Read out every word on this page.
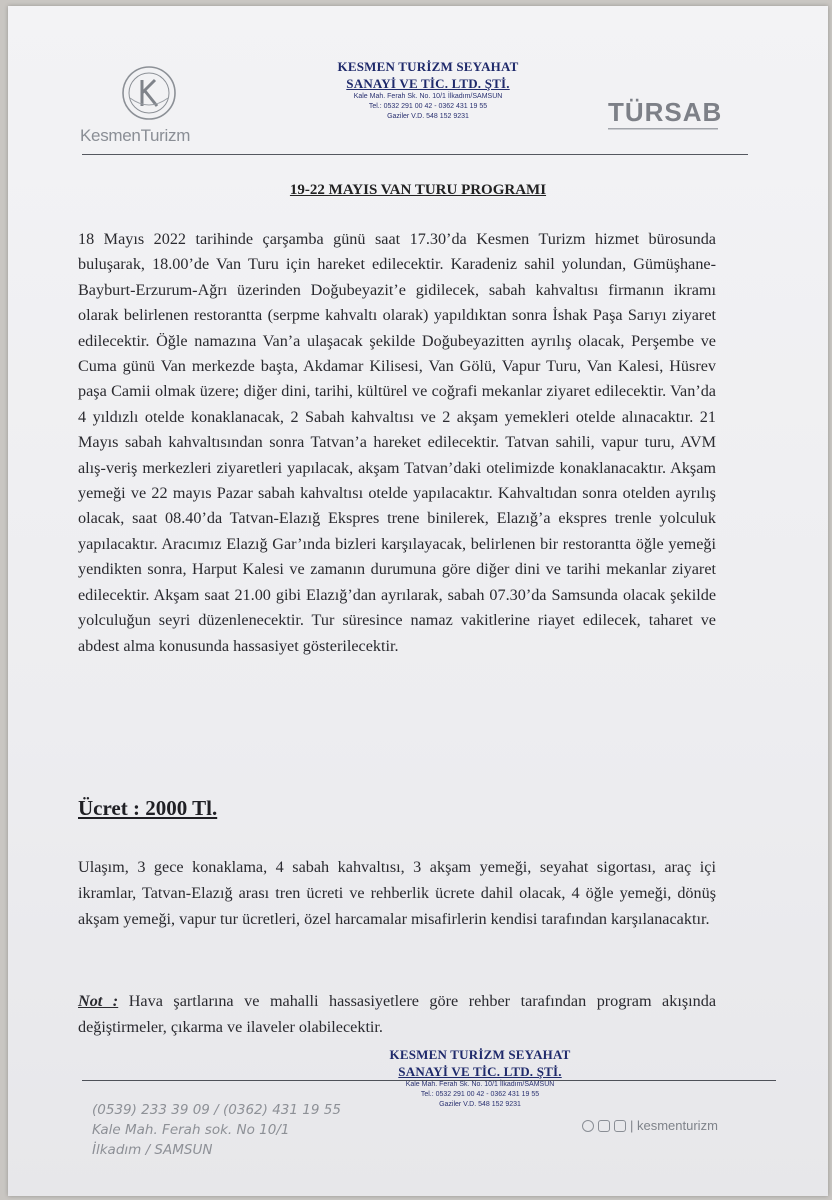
KesmenTurizm
KESMEN TURİZM SEYAHAT
SANAYİ VE TİC. LTD. ŞTİ.
Kale Mah. Ferah Sk. No. 10/1 İlkadım/SAMSUN
Tel.: 0532 291 00 42 - 0362 431 19 55
Gaziler V.D. 548 152 9231	TÜRSAB
19-22 MAYIS VAN TURU PROGRAMI
18 Mayıs 2022 tarihinde çarşamba günü saat 17.30’da Kesmen Turizm hizmet bürosunda buluşarak, 18.00’de Van Turu için hareket edilecektir. Karadeniz sahil yolundan, Gümüşhane-Bayburt-Erzurum-Ağrı üzerinden Doğubeyazit’e gidilecek, sabah kahvaltısı firmanın ikramı olarak belirlenen restorantta (serpme kahvaltı olarak) yapıldıktan sonra İshak Paşa Sarıyı ziyaret edilecektir. Öğle namazına Van’a ulaşacak şekilde Doğubeyazitten ayrılış olacak, Perşembe ve Cuma günü Van merkezde başta, Akdamar Kilisesi, Van Gölü, Vapur Turu, Van Kalesi, Hüsrev paşa Camii olmak üzere; diğer dini, tarihi, kültürel ve coğrafi mekanlar ziyaret edilecektir. Van’da 4 yıldızlı otelde konaklanacak, 2 Sabah kahvaltısı ve 2 akşam yemekleri otelde alınacaktır. 21 Mayıs sabah kahvaltısından sonra Tatvan’a hareket edilecektir. Tatvan sahili, vapur turu, AVM alış-veriş merkezleri ziyaretleri yapılacak, akşam Tatvan’daki otelimizde konaklanacaktır. Akşam yemeği ve 22 mayıs Pazar sabah kahvaltısı otelde yapılacaktır. Kahvaltıdan sonra otelden ayrılış olacak, saat 08.40’da Tatvan-Elazığ Ekspres trene binilerek, Elazığ’a ekspres trenle yolculuk yapılacaktır. Aracımız Elazığ Gar’ında bizleri karşılayacak, belirlenen bir restorantta öğle yemeği yendikten sonra, Harput Kalesi ve zamanın durumuna göre diğer dini ve tarihi mekanlar ziyaret edilecektir. Akşam saat 21.00 gibi Elazığ’dan ayrılarak, sabah 07.30’da Samsunda olacak şekilde yolculuğun seyri düzenlenecektir. Tur süresince namaz vakitlerine riayet edilecek, taharet ve abdest alma konusunda hassasiyet gösterilecektir.
Ücret : 2000 Tl.
Ulaşım, 3 gece konaklama, 4 sabah kahvaltısı, 3 akşam yemeği, seyahat sigortası, araç içi ikramlar, Tatvan-Elazığ arası tren ücreti ve rehberlik ücrete dahil olacak, 4 öğle yemeği, dönüş akşam yemeği, vapur tur ücretleri, özel harcamalar misafirlerin kendisi tarafından karşılanacaktır.
Not : Hava şartlarına ve mahalli hassasiyetlere göre rehber tarafından program akışında değiştirmeler, çıkarma ve ilaveler olabilecektir.
KESMEN TURİZM SEYAHAT
SANAYİ VE TİC. LTD. ŞTİ.
Kale Mah. Ferah Sk. No. 10/1 İlkadım/SAMSUN
Tel.: 0532 291 00 42 - 0362 431 19 55
Gaziler V.D. 548 152 9231
(0539) 233 39 09 / (0362) 431 19 55
Kale Mah. Ferah sok. No 10/1
İlkadım / SAMSUN
| kesmenturizm
